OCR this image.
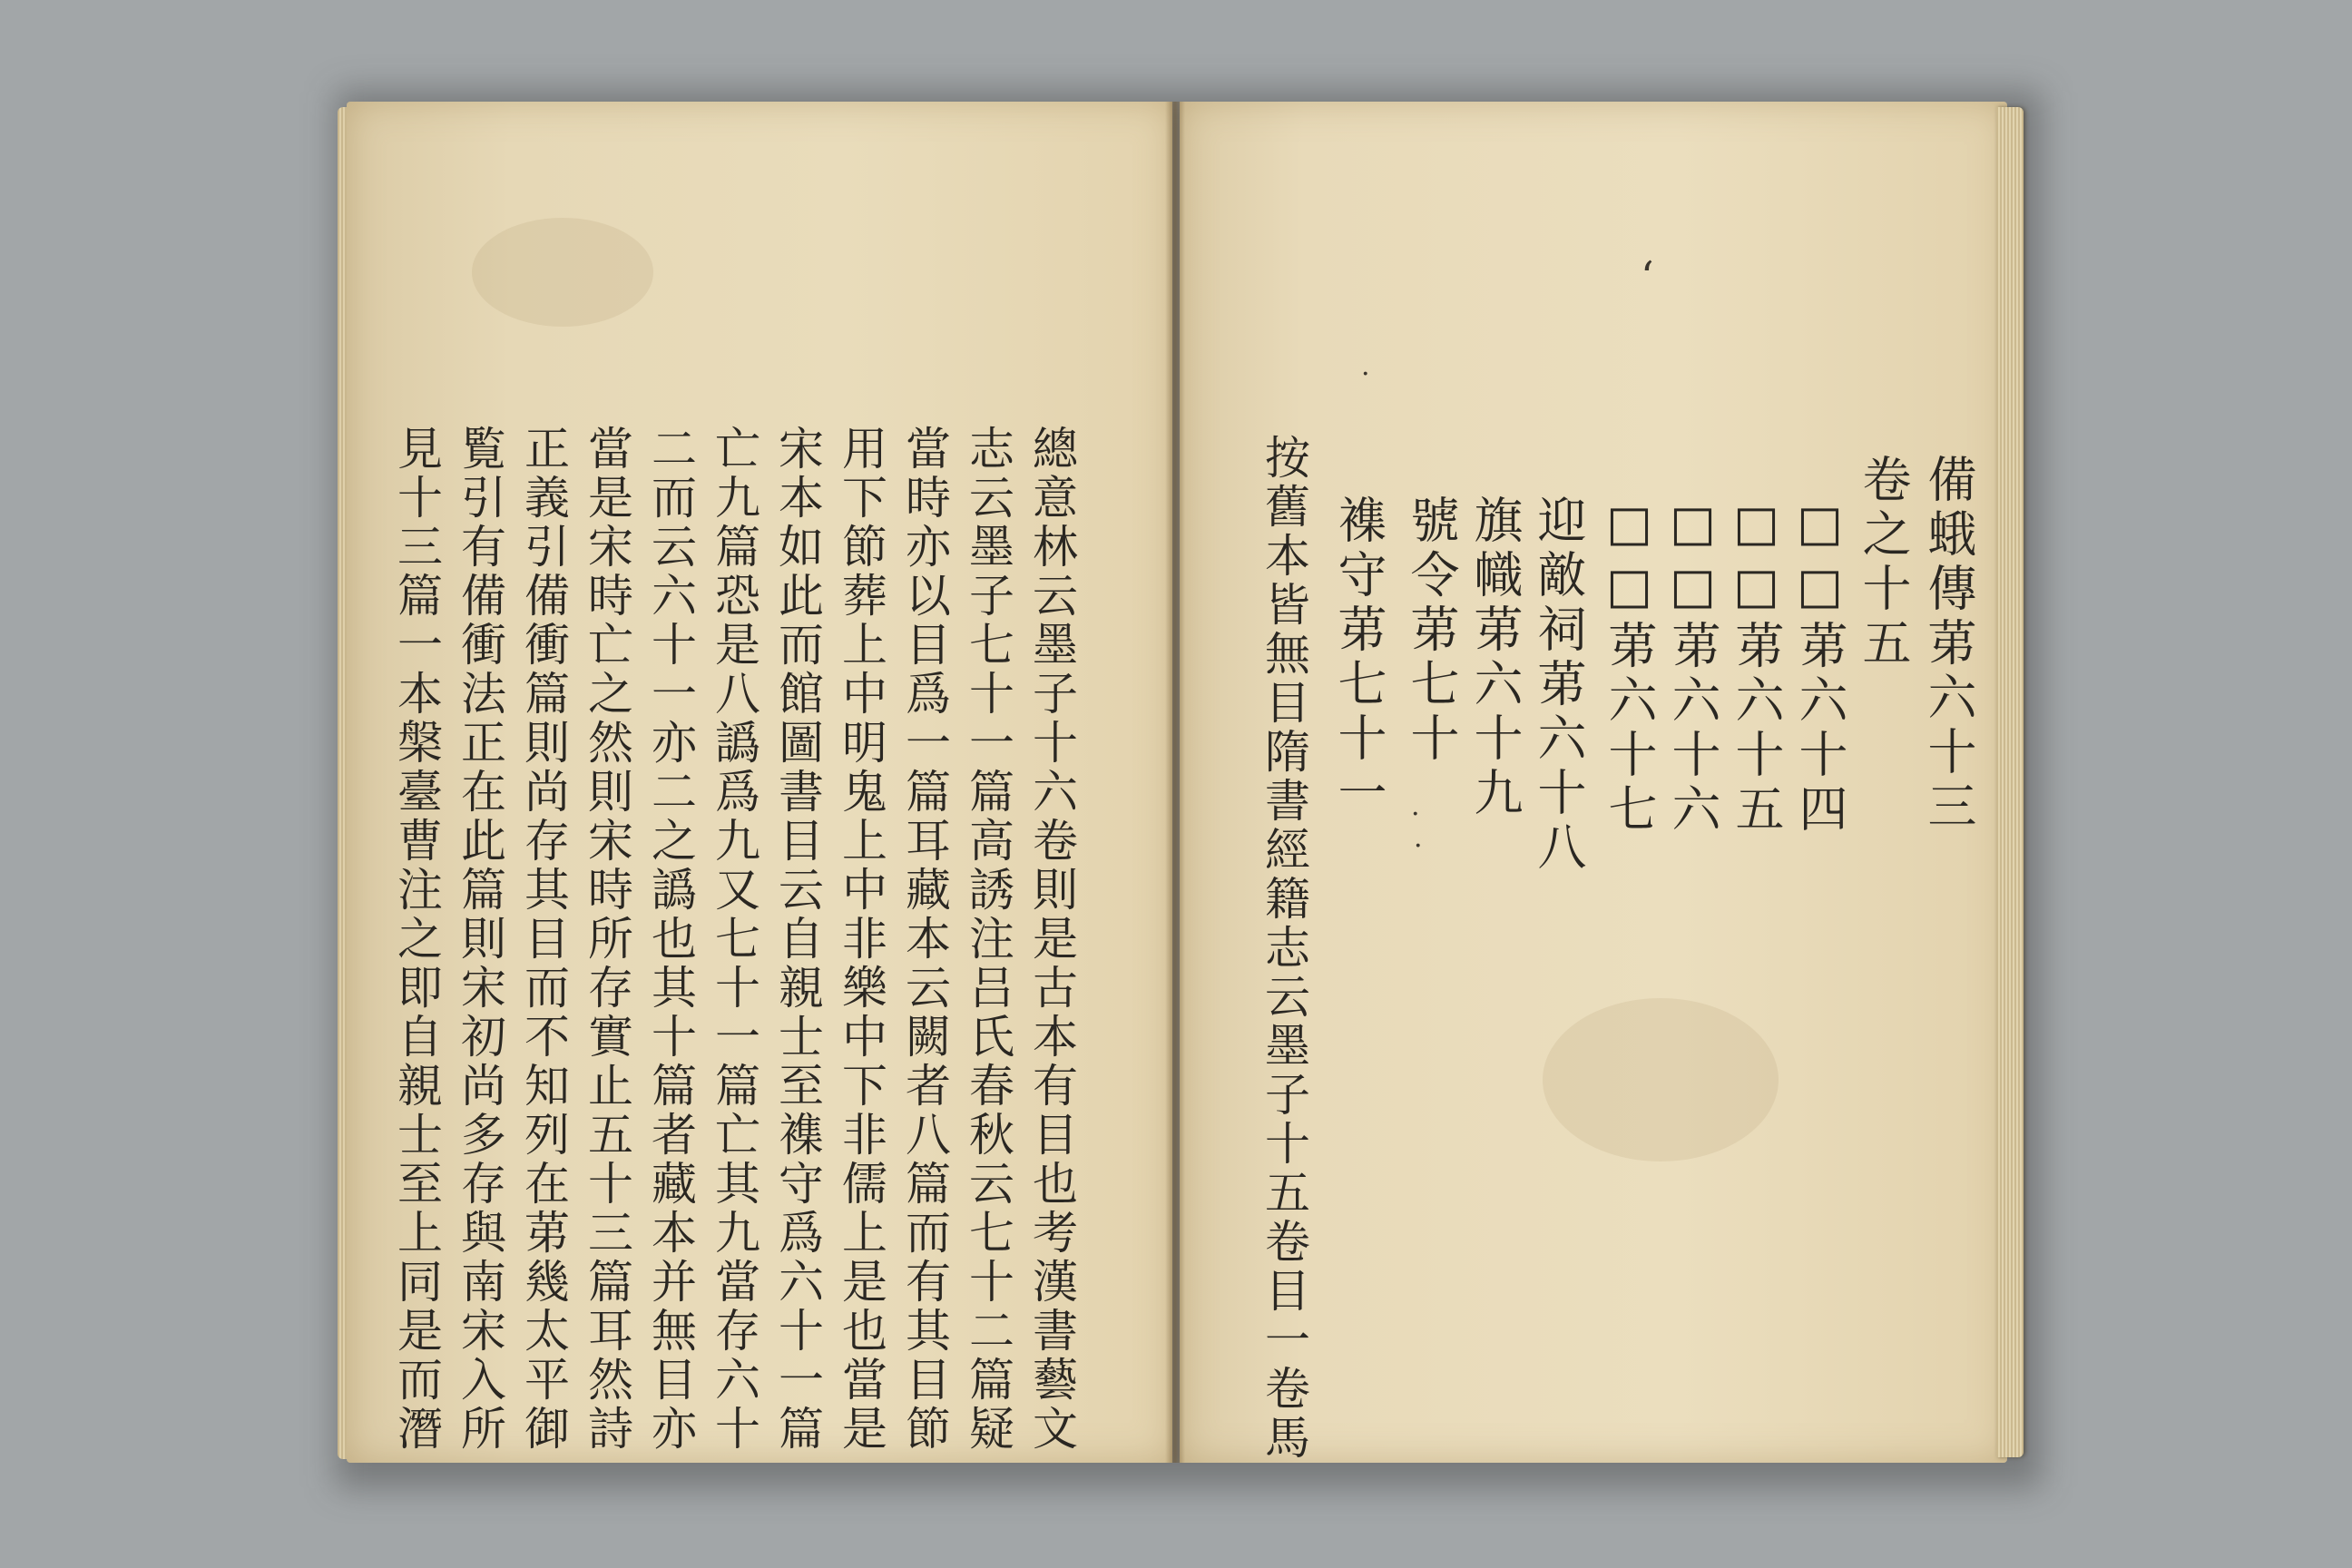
備蛾傳苐六十三
卷之十五
□□苐六十四
□□苐六十五
□□苐六十六
□□苐六十七
迎敵祠苐六十八
旗幟苐六十九
號令苐七十
襍守苐七十一
按舊本皆無目隋書經籍志云墨子十五卷目一卷馬
‘
·
·
·
總意林云墨子十六卷則是古本有目也考漢書藝文
志云墨子七十一篇高誘注吕氏春秋云七十二篇疑
當時亦以目爲一篇耳藏本云闕者八篇而有其目節
用下節葬上中明鬼上中非樂中下非儒上是也當是
宋本如此而館圖書目云自親士至襍守爲六十一篇
亡九篇恐是八譌爲九又七十一篇亡其九當存六十
二而云六十一亦二之譌也其十篇者藏本并無目亦
當是宋時亡之然則宋時所存實止五十三篇耳然詩
正義引備衝篇則尚存其目而不知列在苐幾太平御
覧引有備衝法正在此篇則宋初尚多存與南宋入所
見十三篇一本槃臺曹注之即自親士至上同是而潛
